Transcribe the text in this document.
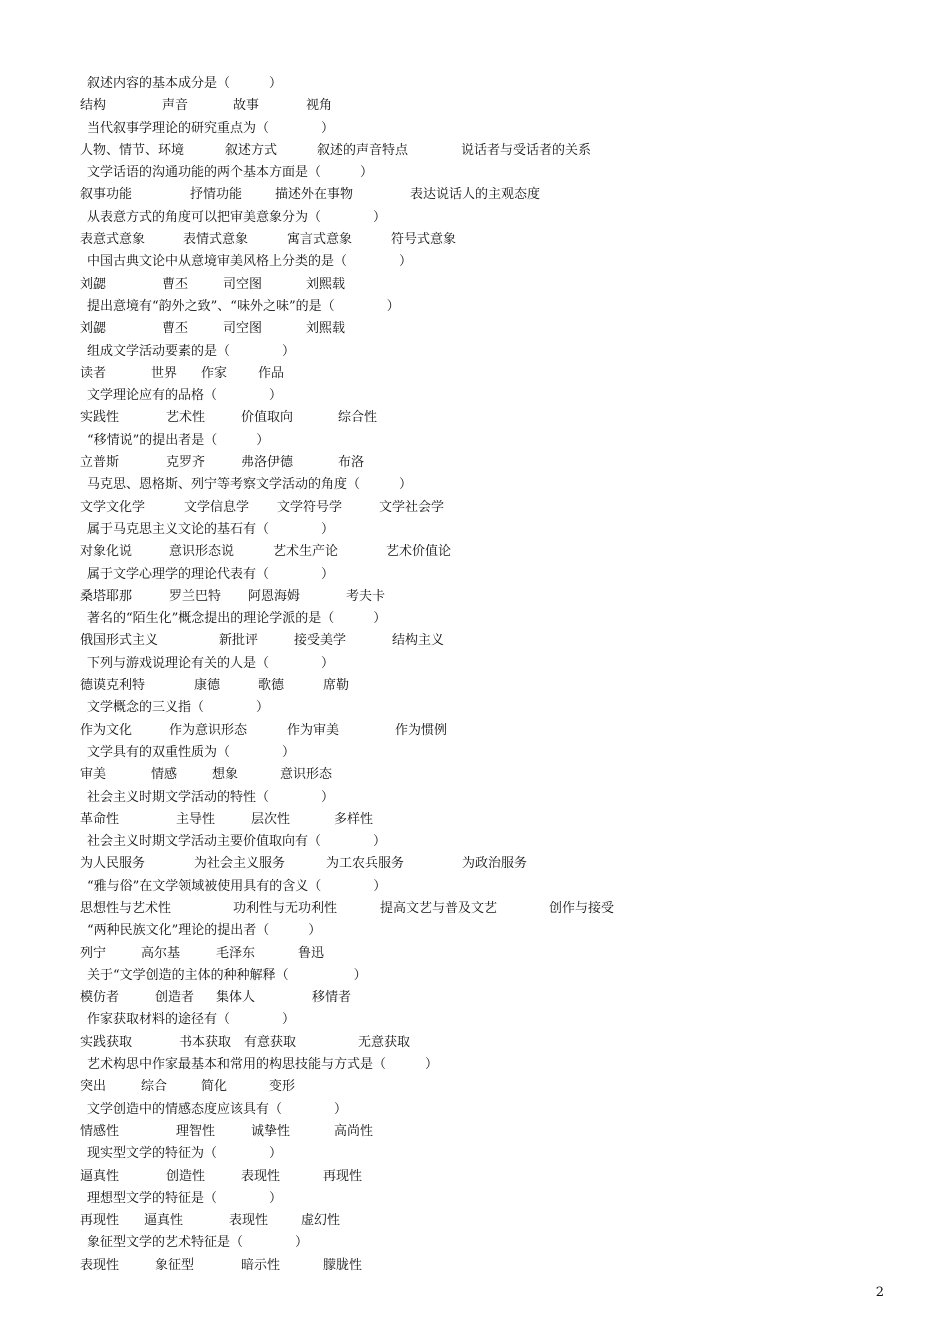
叙述内容的基本成分是（　　　）
结构	声音	故事	视角
当代叙事学理论的研究重点为（　　　　）
人物、情节、环境	叙述方式	叙述的声音特点	说话者与受话者的关系
文学话语的沟通功能的两个基本方面是（　　　）
叙事功能	抒情功能	描述外在事物	表达说话人的主观态度
从表意方式的角度可以把审美意象分为（　　　　）
表意式意象	表情式意象	寓言式意象	符号式意象
中国古典文论中从意境审美风格上分类的是（　　　　）
刘勰	曹丕	司空图	刘熙载
提出意境有“韵外之致”、“味外之味”的是（　　　　）
刘勰	曹丕	司空图	刘熙载
组成文学活动要素的是（　　　　）
读者	世界 作家 作品
文学理论应有的品格（　　　　）
实践性	艺术性	价值取向	综合性
“移情说”的提出者是（　　　）
立普斯	克罗齐	弗洛伊德	布洛
马克思、恩格斯、列宁等考察文学活动的角度（　　　）
文学文化学	文学信息学 文学符号学	文学社会学
属于马克思主义文论的基石有（　　　　）
对象化说	意识形态说	艺术生产论	艺术价值论
属于文学心理学的理论代表有（　　　　）
桑塔耶那	罗兰巴特 阿恩海姆	考夫卡
著名的“陌生化”概念提出的理论学派的是（　　　）
俄国形式主义	新批评	接受美学	结构主义
下列与游戏说理论有关的人是（　　　　）
德谟克利特	康德	歌德	席勒
文学概念的三义指（　　　　）
作为文化	作为意识形态	作为审美	作为惯例
文学具有的双重性质为（　　　　）
审美	情感	想象	意识形态
社会主义时期文学活动的特性（　　　　）
革命性	主导性	层次性	多样性
社会主义时期文学活动主要价值取向有（　　　　）
为人民服务	为社会主义服务	为工农兵服务	为政治服务
“雅与俗”在文学领域被使用具有的含义（　　　　）
思想性与艺术性	功利性与无功利性	提高文艺与普及文艺	创作与接受
“两种民族文化”理论的提出者（　　　）
列宁	高尔基	毛泽东	鲁迅
关于“文学创造的主体的种种解释（　　　　　）
模仿者	创造者 集体人	移情者
作家获取材料的途径有（　　　　）
实践获取	书本获取 有意获取	无意获取
艺术构思中作家最基本和常用的构思技能与方式是（　　　）
突出	综合	简化	变形
文学创造中的情感态度应该具有（　　　　）
情感性	理智性	诚挚性	高尚性
现实型文学的特征为（　　　　）
逼真性	创造性	表现性	再现性
理想型文学的特征是（　　　　）
再现性 逼真性	表现性	虚幻性
象征型文学的艺术特征是（　　　　）
表现性	象征型	暗示性	朦胧性
2
